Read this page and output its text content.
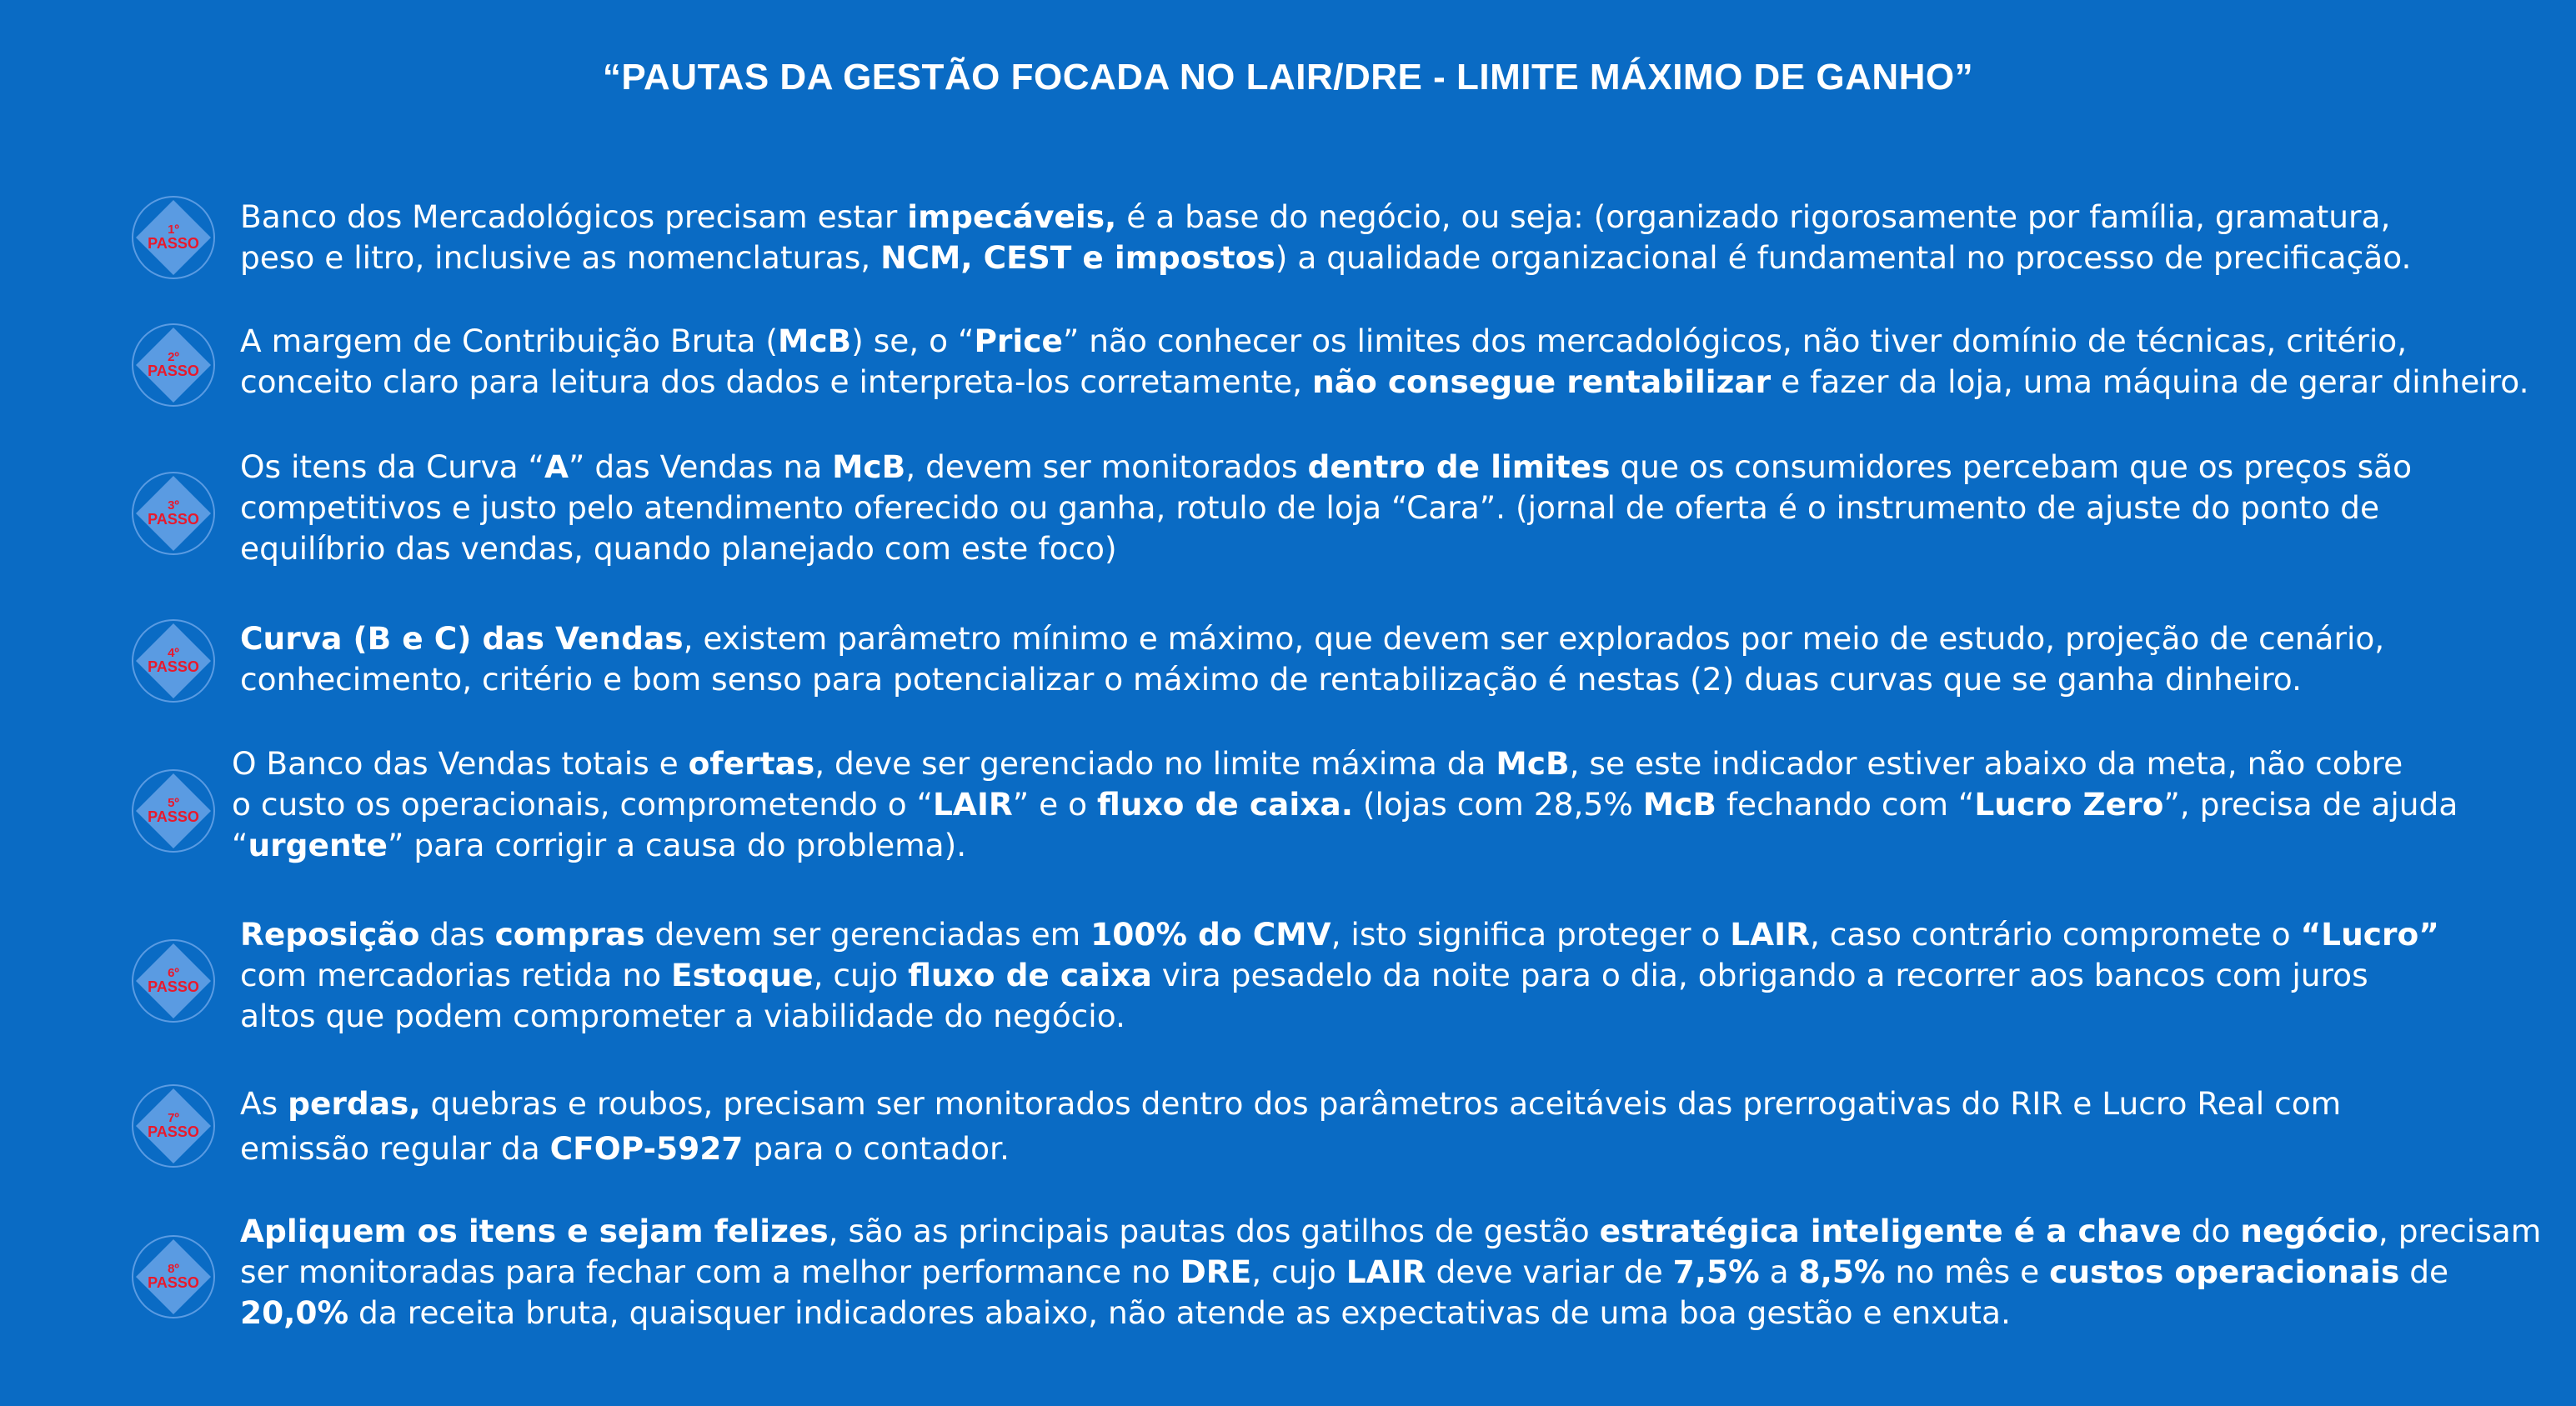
“PAUTAS DA GESTÃO FOCADA NO LAIR/DRE - LIMITE MÁXIMO DE GANHO”
1º
PASSO
Banco dos Mercadológicos precisam estar impecáveis, é a base do negócio, ou seja: (organizado rigorosamente por família, gramatura,
peso e litro, inclusive as nomenclaturas, NCM, CEST e impostos) a qualidade organizacional é fundamental no processo de precificação.
2º
PASSO
A margem de Contribuição Bruta (McB) se, o “Price” não conhecer os limites dos mercadológicos, não tiver domínio de técnicas, critério,
conceito claro para leitura dos dados e interpreta-los corretamente, não consegue rentabilizar e fazer da loja, uma máquina de gerar dinheiro.
3º
PASSO
Os itens da Curva “A” das Vendas na McB, devem ser monitorados dentro de limites que os consumidores percebam que os preços são
competitivos e justo pelo atendimento oferecido ou ganha, rotulo de loja “Cara”. (jornal de oferta é o instrumento de ajuste do ponto de
equilíbrio das vendas, quando planejado com este foco)
4º
PASSO
Curva (B e C) das Vendas, existem parâmetro mínimo e máximo, que devem ser explorados por meio de estudo, projeção de cenário,
conhecimento, critério e bom senso para potencializar o máximo de rentabilização é nestas (2) duas curvas que se ganha dinheiro.
5º
PASSO
O Banco das Vendas totais e ofertas, deve ser gerenciado no limite máxima da McB, se este indicador estiver abaixo da meta, não cobre
o custo os operacionais, comprometendo o “LAIR” e o fluxo de caixa. (lojas com 28,5% McB fechando com “Lucro Zero”, precisa de ajuda
“urgente” para corrigir a causa do problema).
6º
PASSO
Reposição das compras devem ser gerenciadas em 100% do CMV, isto significa proteger o LAIR, caso contrário compromete o “Lucro”
com mercadorias retida no Estoque, cujo fluxo de caixa vira pesadelo da noite para o dia, obrigando a recorrer aos bancos com juros
altos que podem comprometer a viabilidade do negócio.
7º
PASSO
As perdas, quebras e roubos, precisam ser monitorados dentro dos parâmetros aceitáveis das prerrogativas do RIR e Lucro Real com
emissão regular da CFOP-5927 para o contador.
8º
PASSO
Apliquem os itens e sejam felizes, são as principais pautas dos gatilhos de gestão estratégica inteligente é a chave do negócio, precisam
ser monitoradas para fechar com a melhor performance no DRE, cujo LAIR deve variar de 7,5% a 8,5% no mês e custos operacionais de
20,0% da receita bruta, quaisquer indicadores abaixo, não atende as expectativas de uma boa gestão e enxuta.
